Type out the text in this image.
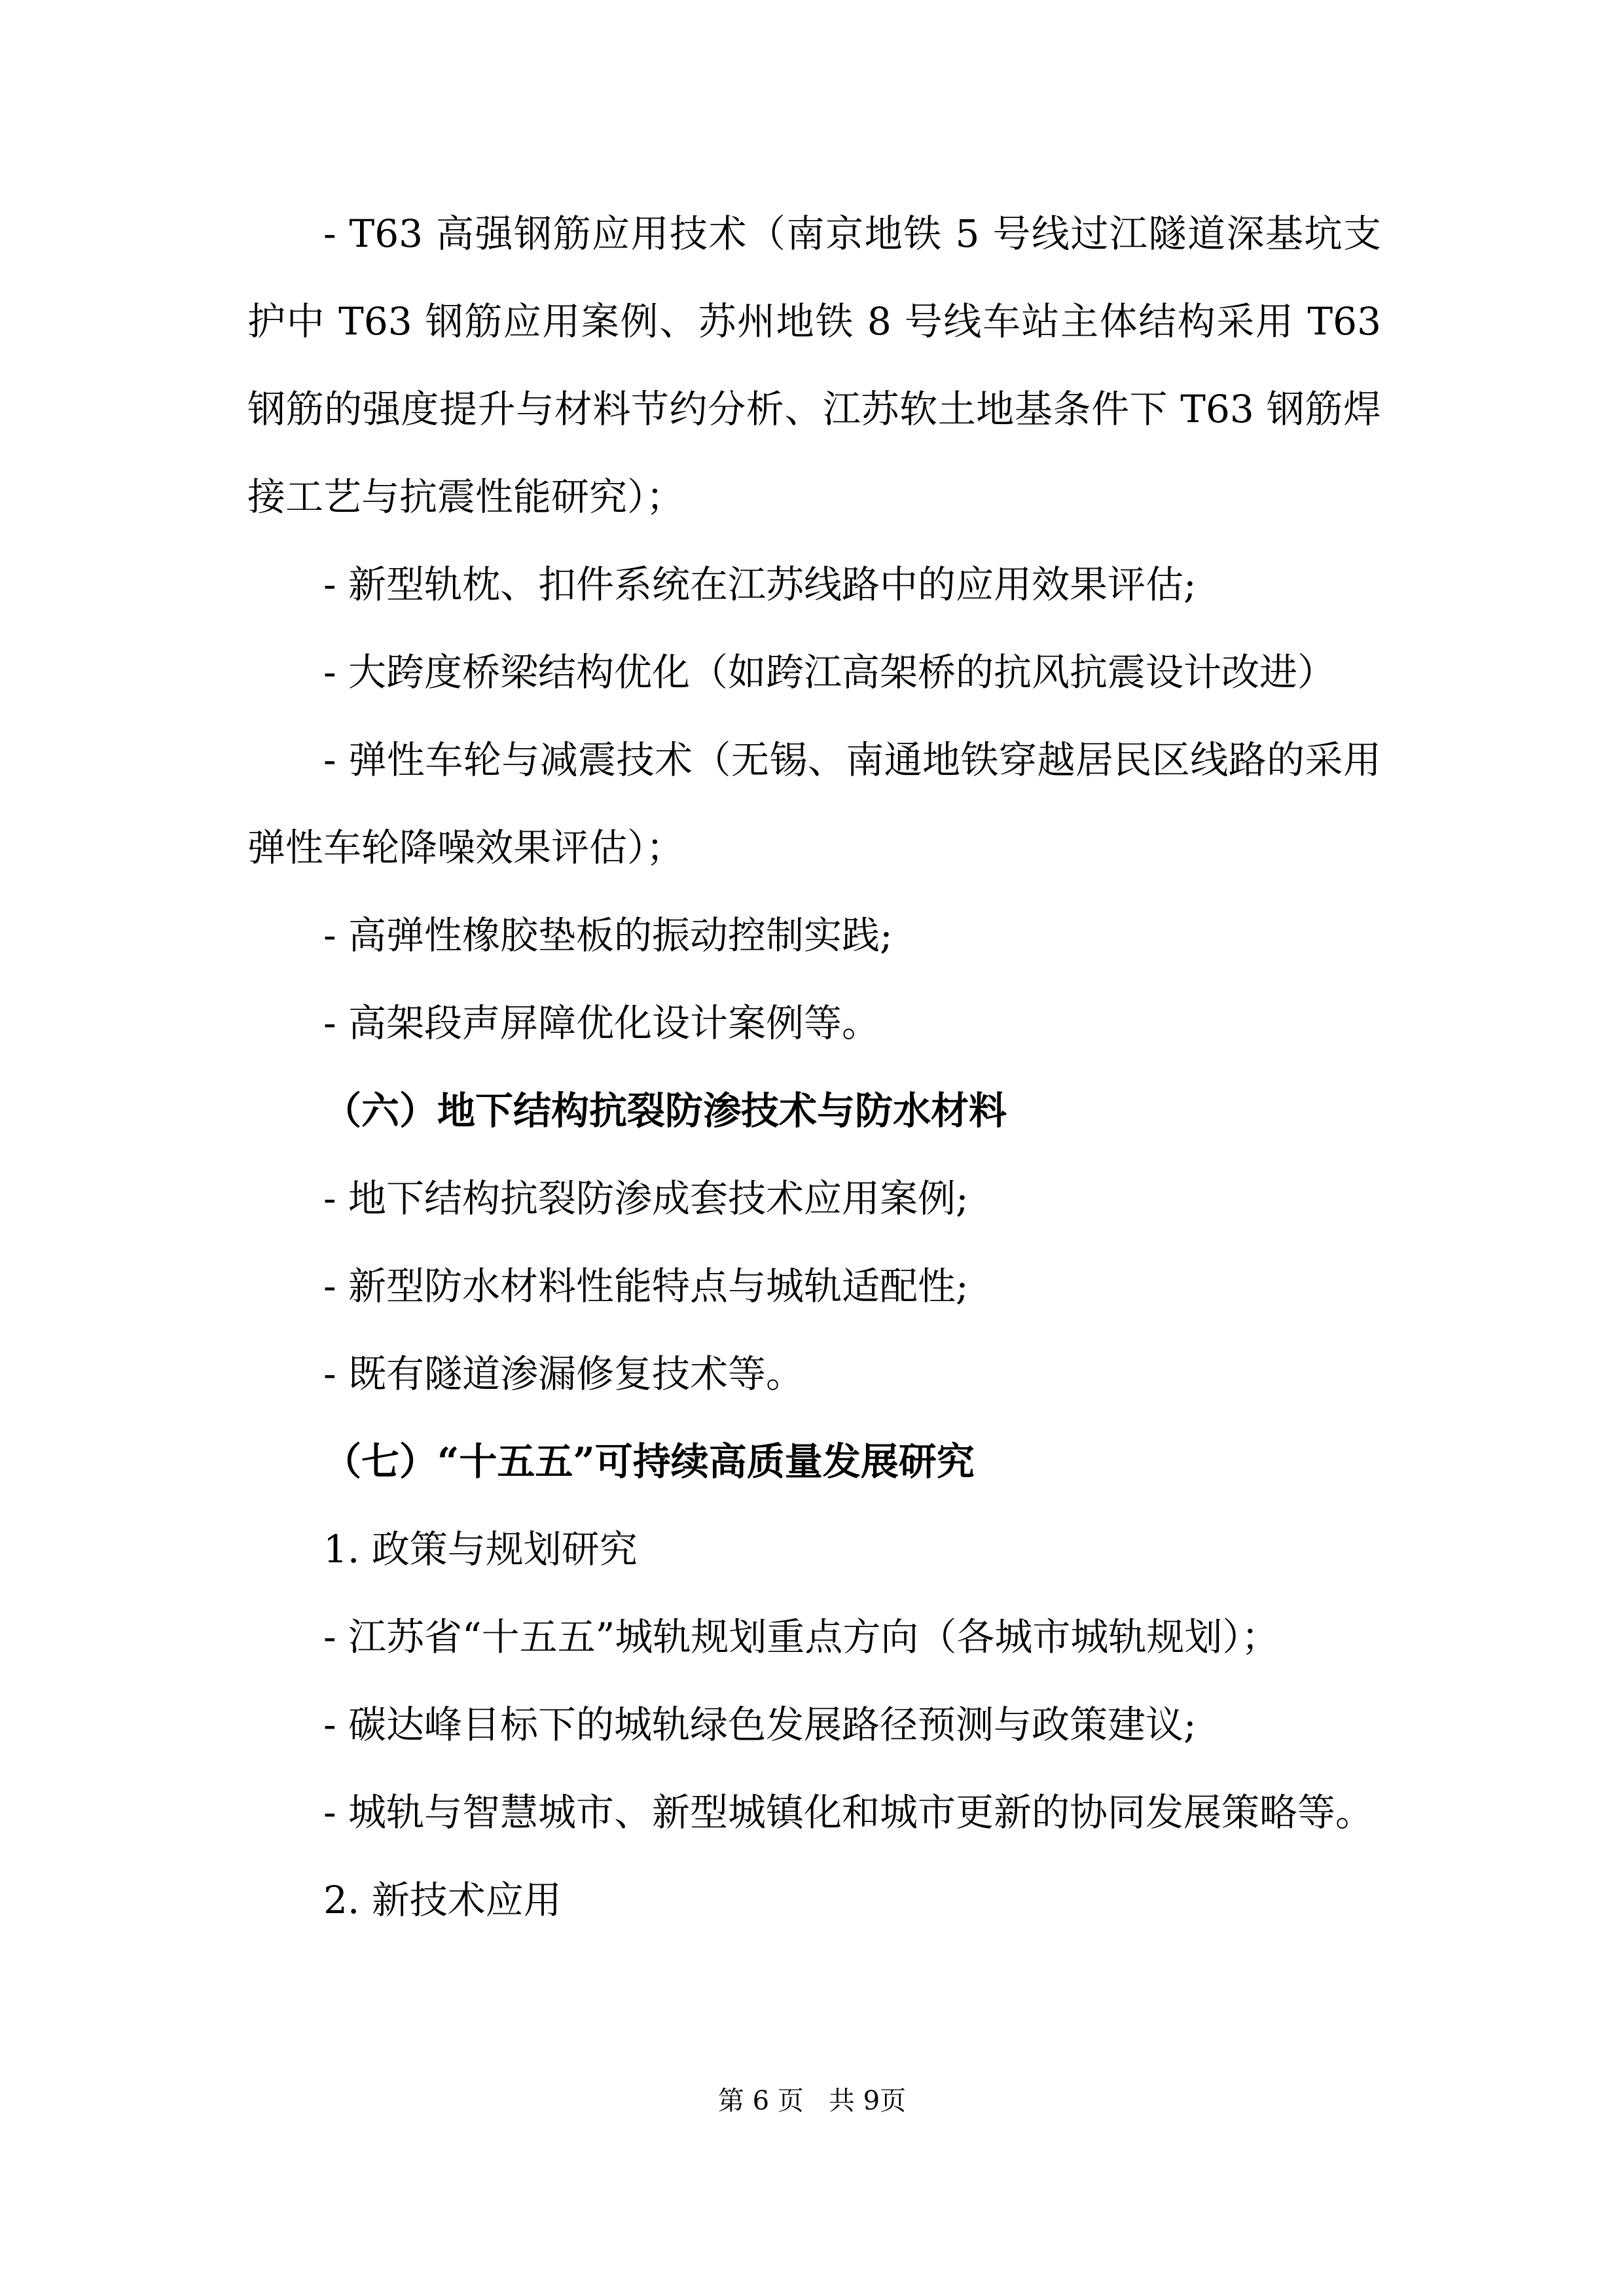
- T63 高强钢筋应用技术（南京地铁 5 号线过江隧道深基坑支护中 T63 钢筋应用案例、苏州地铁 8 号线车站主体结构采用 T63 钢筋的强度提升与材料节约分析、江苏软土地基条件下 T63 钢筋焊接工艺与抗震性能研究）；

- 新型轨枕、扣件系统在江苏线路中的应用效果评估;

- 大跨度桥梁结构优化（如跨江高架桥的抗风抗震设计改进）

- 弹性车轮与减震技术（无锡、南通地铁穿越居民区线路的采用弹性车轮降噪效果评估）；

- 高弹性橡胶垫板的振动控制实践;

- 高架段声屏障优化设计案例等。

（六）地下结构抗裂防渗技术与防水材料

- 地下结构抗裂防渗成套技术应用案例;

- 新型防水材料性能特点与城轨适配性;

- 既有隧道渗漏修复技术等。

（七）“十五五”可持续高质量发展研究

1. 政策与规划研究

- 江苏省“十五五”城轨规划重点方向（各城市城轨规划）；

- 碳达峰目标下的城轨绿色发展路径预测与政策建议;

- 城轨与智慧城市、新型城镇化和城市更新的协同发展策略等。

2. 新技术应用

第 6 页   共 9页
